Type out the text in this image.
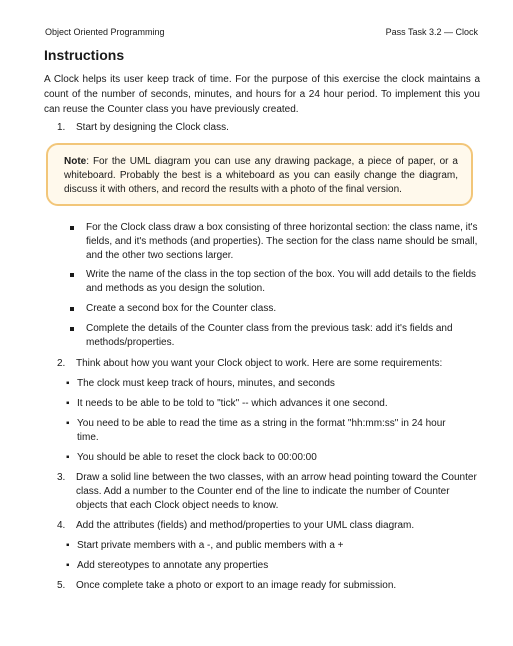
Object Oriented Programming	Pass Task 3.2 — Clock
Instructions
A Clock helps its user keep track of time. For the purpose of this exercise the clock maintains a count of the number of seconds, minutes, and hours for a 24 hour period. To implement this you can reuse the Counter class you have previously created.
1. Start by designing the Clock class.
Note: For the UML diagram you can use any drawing package, a piece of paper, or a whiteboard. Probably the best is a whiteboard as you can easily change the diagram, discuss it with others, and record the results with a photo of the final version.
For the Clock class draw a box consisting of three horizontal section: the class name, it's fields, and it's methods (and properties). The section for the class name should be small, and the other two sections larger.
Write the name of the class in the top section of the box. You will add details to the fields and methods as you design the solution.
Create a second box for the Counter class.
Complete the details of the Counter class from the previous task: add it's fields and methods/properties.
2. Think about how you want your Clock object to work. Here are some requirements:
▪ The clock must keep track of hours, minutes, and seconds
▪ It needs to be able to be told to "tick" -- which advances it one second.
▪ You need to be able to read the time as a string in the format "hh:mm:ss" in 24 hour time.
▪ You should be able to reset the clock back to 00:00:00
3.	Draw a solid line between the two classes, with an arrow head pointing toward the Counter class. Add a number to the Counter end of the line to indicate the number of Counter objects that each Clock object needs to know.
4. Add the attributes (fields) and method/properties to your UML class diagram.
▪ Start private members with a -, and public members with a +
▪ Add stereotypes to annotate any properties
5. Once complete take a photo or export to an image ready for submission.
